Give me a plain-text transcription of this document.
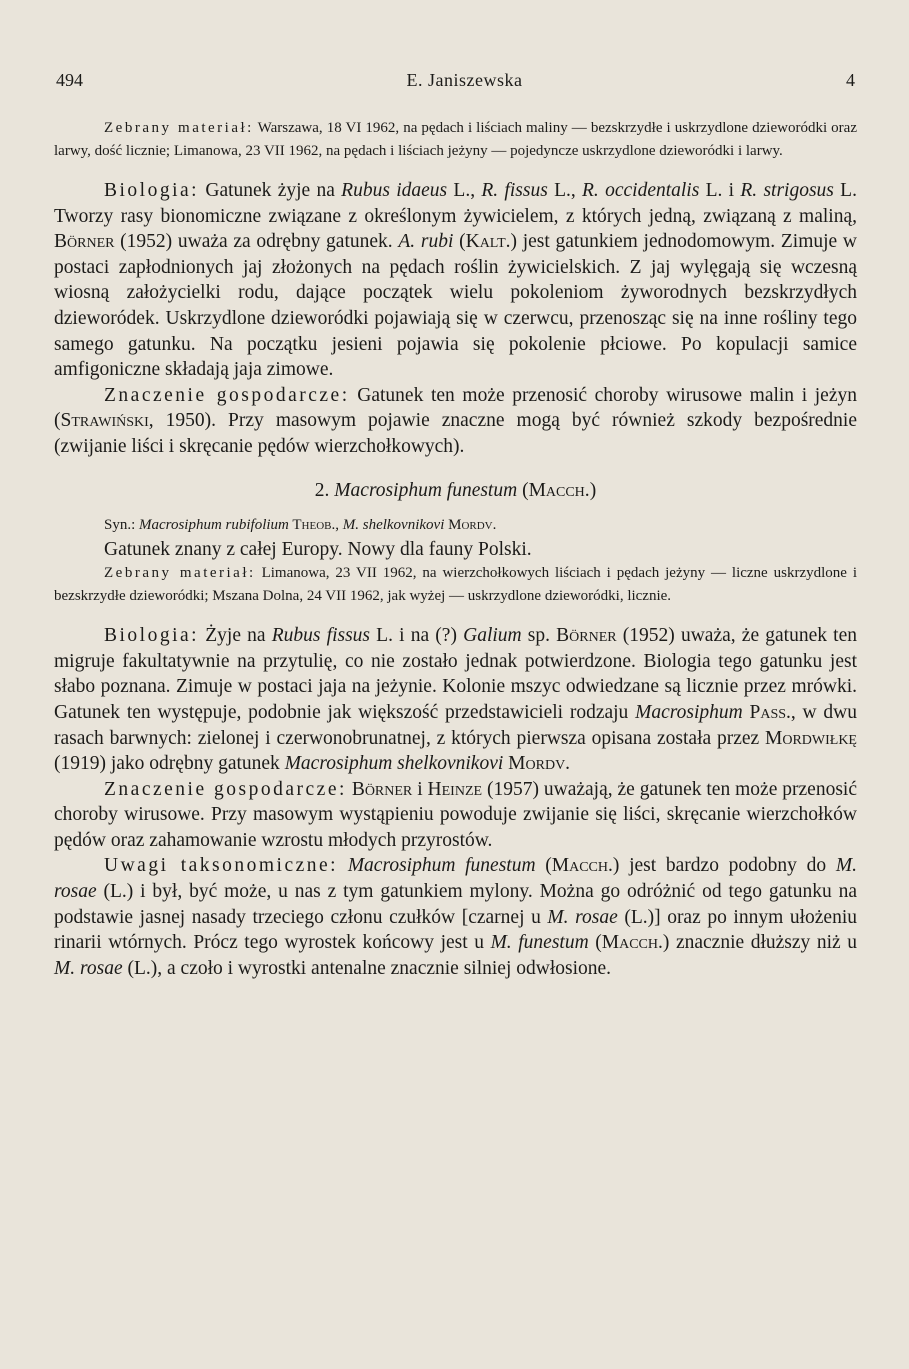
494	E. Janiszewska	4

Zebrany materiał: Warszawa, 18 VI 1962, na pędach i liściach maliny — bezskrzydłe i uskrzydlone dzieworódki oraz larwy, dość licznie; Limanowa, 23 VII 1962, na pędach i liściach jeżyny — pojedyncze uskrzydlone dzieworódki i larwy.

Biologia: Gatunek żyje na Rubus idaeus L., R. fissus L., R. occidentalis L. i R. strigosus L. Tworzy rasy bionomiczne związane z określonym żywicielem, z których jedną, związaną z maliną, Börner (1952) uważa za odrębny gatunek. A. rubi (Kalt.) jest gatunkiem jednodomowym. Zimuje w postaci zapłodnionych jaj złożonych na pędach roślin żywicielskich. Z jaj wylęgają się wczesną wiosną założycielki rodu, dające początek wielu pokoleniom żyworodnych bezskrzydłych dzieworódek. Uskrzydlone dzieworódki pojawiają się w czerwcu, przenosząc się na inne rośliny tego samego gatunku. Na początku jesieni pojawia się pokolenie płciowe. Po kopulacji samice amfigoniczne składają jaja zimowe.

Znaczenie gospodarcze: Gatunek ten może przenosić choroby wirusowe malin i jeżyn (Strawiński, 1950). Przy masowym pojawie znaczne mogą być również szkody bezpośrednie (zwijanie liści i skręcanie pędów wierzchołkowych).

2. Macrosiphum funestum (Macch.)

Syn.: Macrosiphum rubifolium Theob., M. shelkovnikovi Mordv.

Gatunek znany z całej Europy. Nowy dla fauny Polski.

Zebrany materiał: Limanowa, 23 VII 1962, na wierzchołkowych liściach i pędach jeżyny — liczne uskrzydlone i bezskrzydłe dzieworódki; Mszana Dolna, 24 VII 1962, jak wyżej — uskrzydlone dzieworódki, licznie.

Biologia: Żyje na Rubus fissus L. i na (?) Galium sp. Börner (1952) uważa, że gatunek ten migruje fakultatywnie na przytulię, co nie zostało jednak potwierdzone. Biologia tego gatunku jest słabo poznana. Zimuje w postaci jaja na jeżynie. Kolonie mszyc odwiedzane są licznie przez mrówki. Gatunek ten występuje, podobnie jak większość przedstawicieli rodzaju Macrosiphum Pass., w dwu rasach barwnych: zielonej i czerwonobrunatnej, z których pierwsza opisana została przez Mordwiłkę (1919) jako odrębny gatunek Macrosiphum shelkovnikovi Mordv.

Znaczenie gospodarcze: Börner i Heinze (1957) uważają, że gatunek ten może przenosić choroby wirusowe. Przy masowym wystąpieniu powoduje zwijanie się liści, skręcanie wierzchołków pędów oraz zahamowanie wzrostu młodych przyrostów.

Uwagi taksonomiczne: Macrosiphum funestum (Macch.) jest bardzo podobny do M. rosae (L.) i był, być może, u nas z tym gatunkiem mylony. Można go odróżnić od tego gatunku na podstawie jasnej nasady trzeciego członu czułków [czarnej u M. rosae (L.)] oraz po innym ułożeniu rinarii wtórnych. Prócz tego wyrostek końcowy jest u M. funestum (Macch.) znacznie dłuższy niż u M. rosae (L.), a czoło i wyrostki antenalne znacznie silniej odwłosione.
